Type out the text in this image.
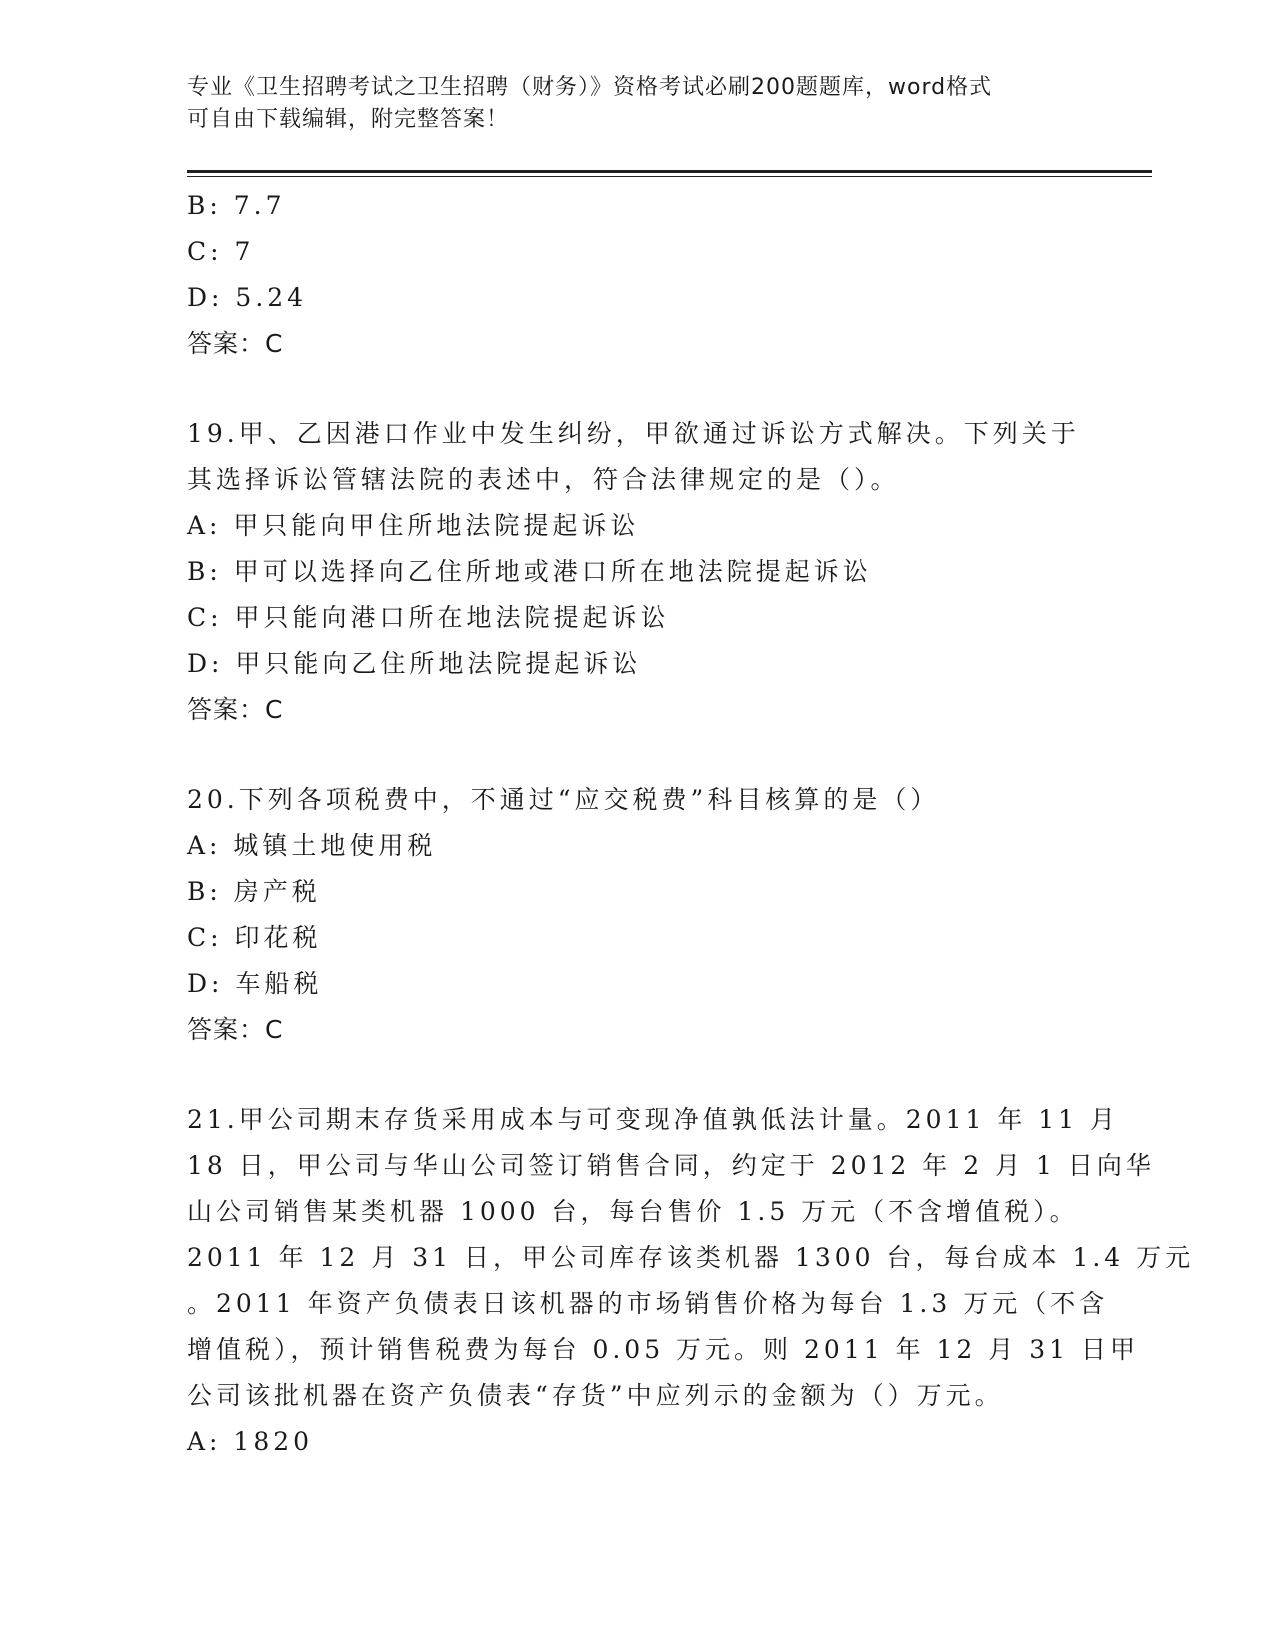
专业《卫生招聘考试之卫生招聘（财务）》资格考试必刷200题题库，word格式

可自由下载编辑，附完整答案！

B: 7.7

C: 7

D: 5.24

答案：C

19.甲、乙因港口作业中发生纠纷，甲欲通过诉讼方式解决。下列关于

其选择诉讼管辖法院的表述中，符合法律规定的是（）。

A: 甲只能向甲住所地法院提起诉讼

B: 甲可以选择向乙住所地或港口所在地法院提起诉讼

C: 甲只能向港口所在地法院提起诉讼

D: 甲只能向乙住所地法院提起诉讼

答案：C

20.下列各项税费中，不通过“应交税费”科目核算的是（）

A: 城镇土地使用税

B: 房产税

C: 印花税

D: 车船税

答案：C

21.甲公司期末存货采用成本与可变现净值孰低法计量。2011 年 11 月

18 日，甲公司与华山公司签订销售合同，约定于 2012 年 2 月 1 日向华

山公司销售某类机器 1000 台，每台售价 1.5 万元（不含增值税）。

2011 年 12 月 31 日，甲公司库存该类机器 1300 台，每台成本 1.4 万元

。2011 年资产负债表日该机器的市场销售价格为每台 1.3 万元（不含

增值税），预计销售税费为每台 0.05 万元。则 2011 年 12 月 31 日甲

公司该批机器在资产负债表“存货”中应列示的金额为（）万元。

A: 1820
